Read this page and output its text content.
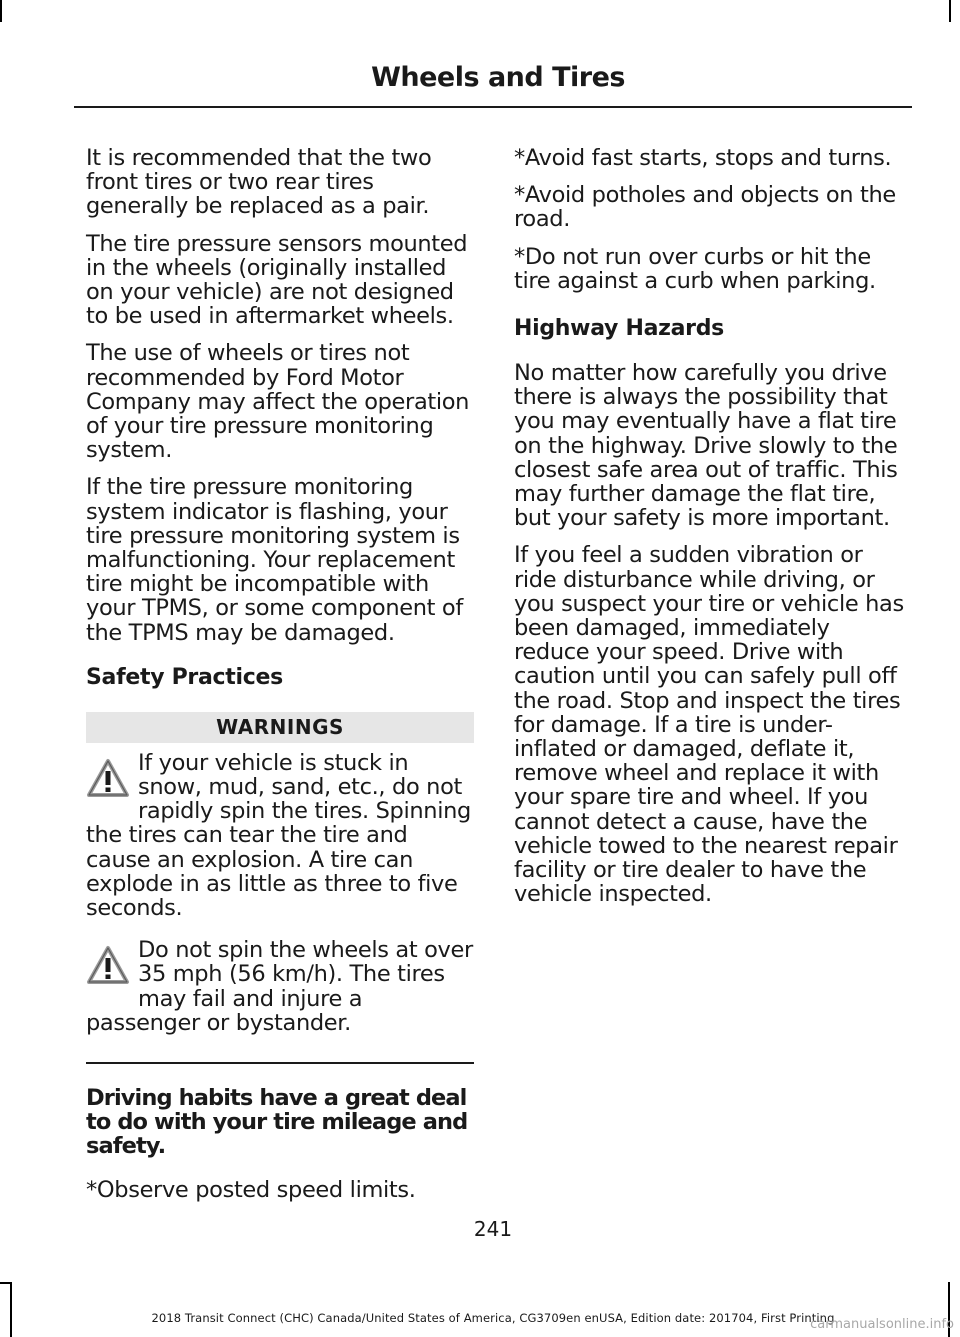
Wheels and Tires

It is recommended that the two front tires or two rear tires generally be replaced as a pair.

The tire pressure sensors mounted in the wheels (originally installed on your vehicle) are not designed to be used in aftermarket wheels.

The use of wheels or tires not recommended by Ford Motor Company may affect the operation of your tire pressure monitoring system.

If the tire pressure monitoring system indicator is flashing, your tire pressure monitoring system is malfunctioning. Your replacement tire might be incompatible with your TPMS, or some component of the TPMS may be damaged.

Safety Practices
WARNINGS
If your vehicle is stuck in snow, mud, sand, etc., do not rapidly spin the tires. Spinning the tires can tear the tire and cause an explosion. A tire can explode in as little as three to five seconds.
Do not spin the wheels at over 35 mph (56 km/h). The tires may fail and injure a passenger or bystander.
Driving habits have a great deal to do with your tire mileage and safety.

*Observe posted speed limits.

*Avoid fast starts, stops and turns.

*Avoid potholes and objects on the road.

*Do not run over curbs or hit the tire against a curb when parking.

Highway Hazards

No matter how carefully you drive there is always the possibility that you may eventually have a flat tire on the highway. Drive slowly to the closest safe area out of traffic. This may further damage the flat tire, but your safety is more important.

If you feel a sudden vibration or ride disturbance while driving, or you suspect your tire or vehicle has been damaged, immediately reduce your speed. Drive with caution until you can safely pull off the road. Stop and inspect the tires for damage. If a tire is under-inflated or damaged, deflate it, remove wheel and replace it with your spare tire and wheel. If you cannot detect a cause, have the vehicle towed to the nearest repair facility or tire dealer to have the vehicle inspected.

241
2018 Transit Connect (CHC) Canada/United States of America, CG3709en enUSA, Edition date: 201704, First Printing
carmanualsonline.info
